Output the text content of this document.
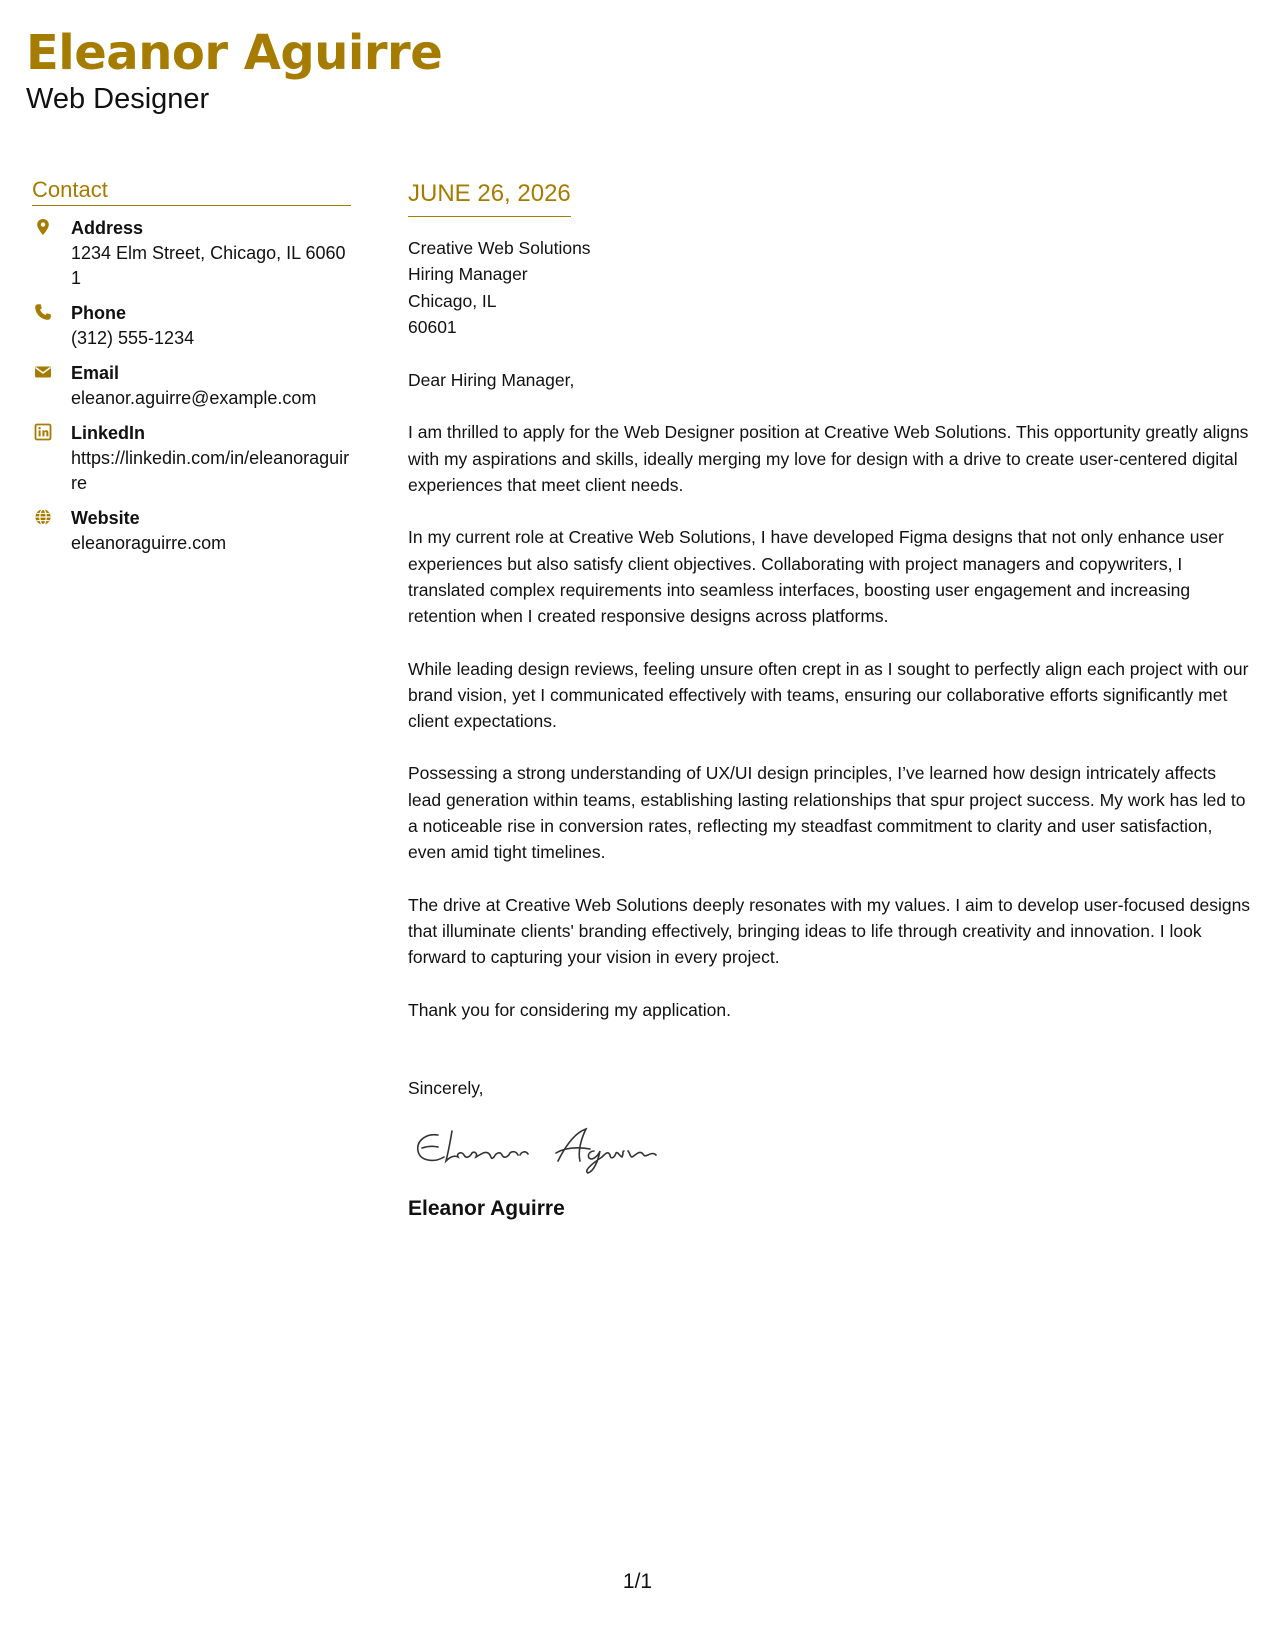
Eleanor Aguirre
Web Designer
Contact
Address
1234 Elm Street, Chicago, IL 60601
Phone
(312) 555-1234
Email
eleanor.aguirre@example.com
LinkedIn
https://linkedin.com/in/eleanoraguirre
Website
eleanoraguirre.com
JUNE 26, 2026
Creative Web Solutions
Hiring Manager
Chicago, IL
60601
Dear Hiring Manager,
I am thrilled to apply for the Web Designer position at Creative Web Solutions. This opportunity greatly aligns with my aspirations and skills, ideally merging my love for design with a drive to create user-centered digital experiences that meet client needs.
In my current role at Creative Web Solutions, I have developed Figma designs that not only enhance user experiences but also satisfy client objectives. Collaborating with project managers and copywriters, I translated complex requirements into seamless interfaces, boosting user engagement and increasing retention when I created responsive designs across platforms.
While leading design reviews, feeling unsure often crept in as I sought to perfectly align each project with our brand vision, yet I communicated effectively with teams, ensuring our collaborative efforts significantly met client expectations.
Possessing a strong understanding of UX/UI design principles, I’ve learned how design intricately affects lead generation within teams, establishing lasting relationships that spur project success. My work has led to a noticeable rise in conversion rates, reflecting my steadfast commitment to clarity and user satisfaction, even amid tight timelines.
The drive at Creative Web Solutions deeply resonates with my values. I aim to develop user-focused designs that illuminate clients' branding effectively, bringing ideas to life through creativity and innovation. I look forward to capturing your vision in every project.
Thank you for considering my application.
Sincerely,
Eleanor Aguirre
1/1
